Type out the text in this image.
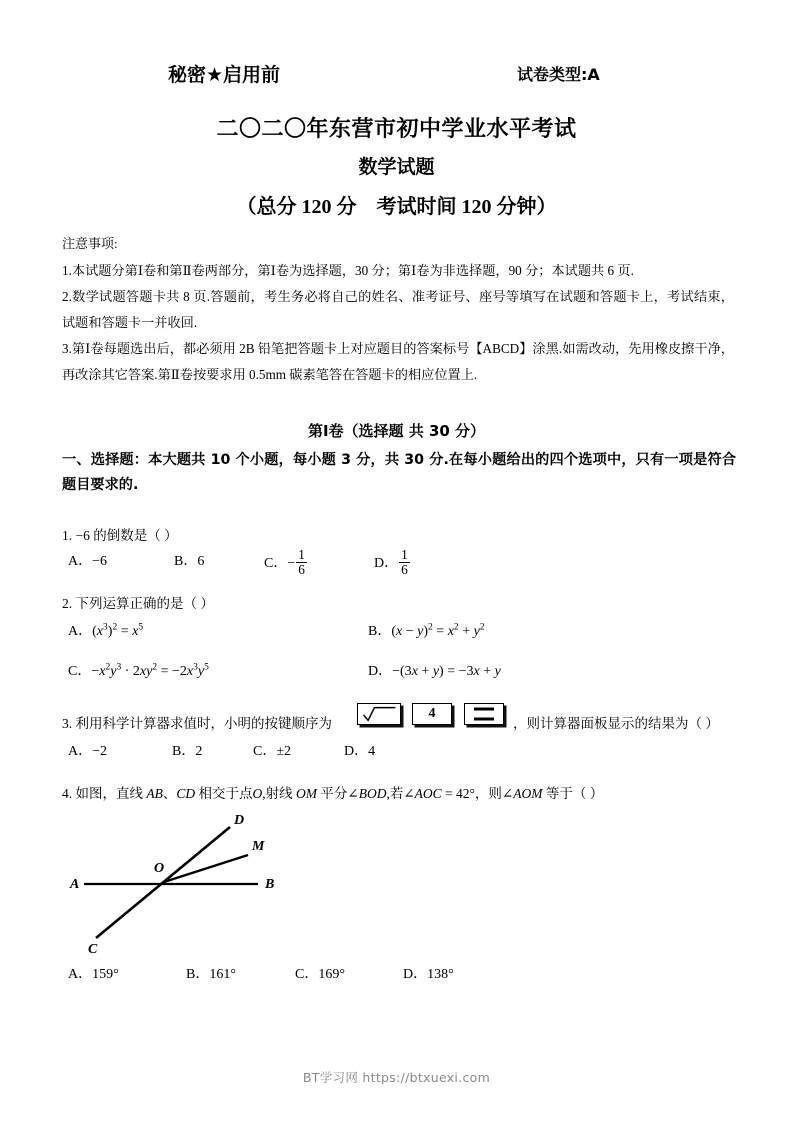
秘密★启用前	试卷类型:A
二〇二〇年东营市初中学业水平考试
数学试题
（总分 120 分　考试时间 120 分钟）
注意事项:
1.本试题分第Ⅰ卷和第Ⅱ卷两部分，第Ⅰ卷为选择题，30 分；第Ⅰ卷为非选择题，90 分；本试题共 6 页.
2.数学试题答题卡共 8 页.答题前，考生务必将自己的姓名、准考证号、座号等填写在试题和答题卡上，考试结束，试题和答题卡一并收回.
3.第Ⅰ卷每题选出后，都必须用 2B 铅笔把答题卡上对应题目的答案标号【ABCD】涂黑.如需改动，先用橡皮擦干净，再改涂其它答案.第Ⅱ卷按要求用 0.5mm 碳素笔答在答题卡的相应位置上.
第Ⅰ卷（选择题 共 30 分）
一、选择题：本大题共 10 个小题，每小题 3 分，共 30 分.在每小题给出的四个选项中，只有一项是符合题目要求的.
1. −6 的倒数是（ ）
A．−6	B．6	C．− $\frac{1}{6}$	D． $\frac{1}{6}$
2. 下列运算正确的是（ ）
A．$(x^3)^2 = x^5$	B．$(x - y)^2 = x^2 + y^2$
C．$-x^2y^3 \cdot 2xy^2 = -2x^3y^5$	D．−(3x + y) = −3x + y
3. 利用科学计算器求值时，小明的按键顺序为
4
，则计算器面板显示的结果为（ ）
A．−2	B．2	C．±2	D．4
4. 如图，直线 AB、CD 相交于点O,射线 OM 平分∠BOD,若∠AOC = 42°，则∠AOM 等于（ ）
A	B
C
D
M
O
A．159°	B．161°	C．169°	D．138°
BT学习网 https://btxuexi.com
